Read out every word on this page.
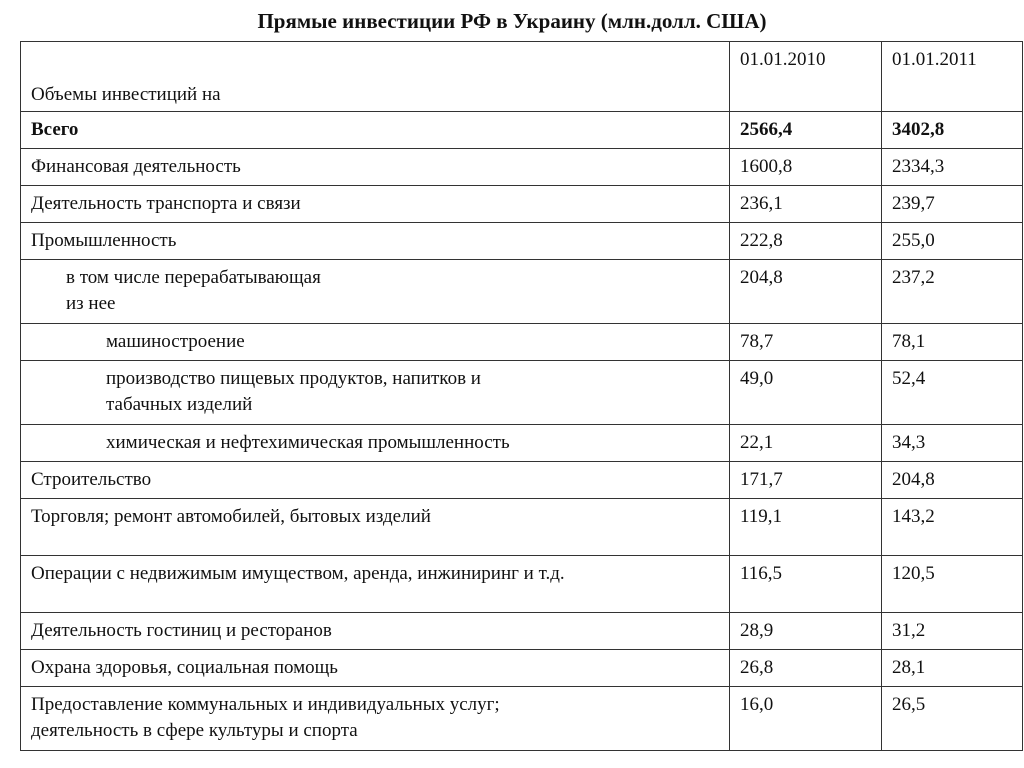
Прямые инвестиции РФ в Украину (млн.долл. США)
Объемы инвестиций на	01.01.2010	01.01.2011

Всего	2566,4	3402,8

Финансовая деятельность	1600,8	2334,3

Деятельность транспорта и связи	236,1	239,7

Промышленность	222,8	255,0

в том числе перерабатывающая
из нее	204,8	237,2

машиностроение	78,7	78,1

производство пищевых продуктов, напитков и
табачных изделий	49,0	52,4

химическая и нефтехимическая промышленность	22,1	34,3

Строительство	171,7	204,8

Торговля; ремонт автомобилей, бытовых изделий	119,1	143,2

Операции с недвижимым имуществом, аренда, инжиниринг и т.д.	116,5	120,5

Деятельность гостиниц и ресторанов	28,9	31,2

Охрана здоровья, социальная помощь	26,8	28,1

Предоставление коммунальных и индивидуальных услуг;
деятельность в сфере культуры и спорта	16,0	26,5
